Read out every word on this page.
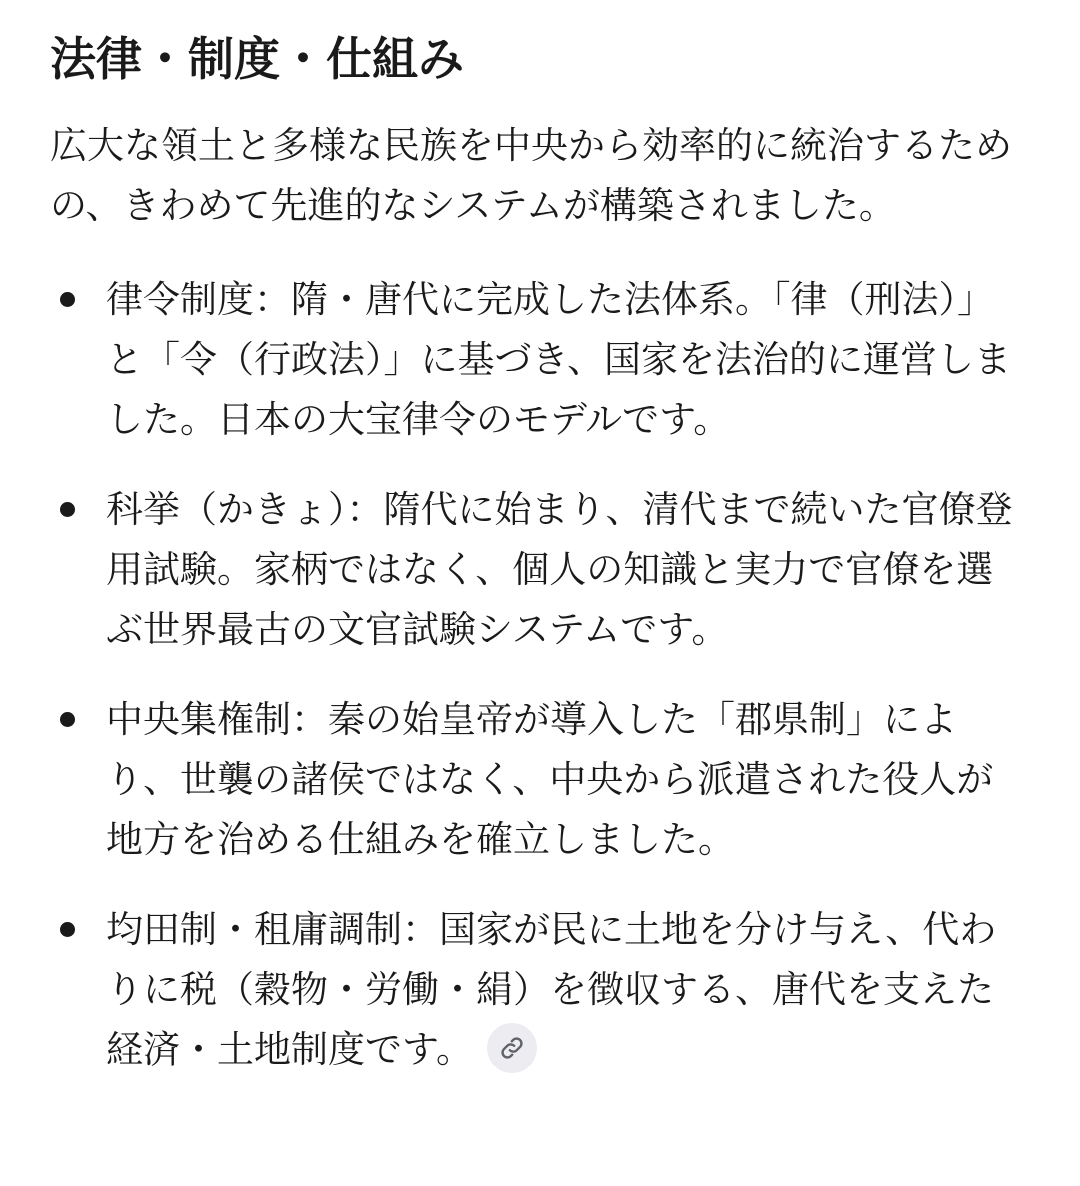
法律・制度・仕組み

広大な領土と多様な民族を中央から効率的に統治するための、きわめて先進的なシステムが構築されました。

律令制度：隋・唐代に完成した法体系。「律（刑法）」と「令（行政法）」に基づき、国家を法治的に運営しました。日本の大宝律令のモデルです。
科挙（かきょ）：隋代に始まり、清代まで続いた官僚登用試験。家柄ではなく、個人の知識と実力で官僚を選ぶ世界最古の文官試験システムです。
中央集権制：秦の始皇帝が導入した「郡県制」により、世襲の諸侯ではなく、中央から派遣された役人が地方を治める仕組みを確立しました。
均田制・租庸調制：国家が民に土地を分け与え、代わりに税（穀物・労働・絹）を徴収する、唐代を支えた経済・土地制度です。
